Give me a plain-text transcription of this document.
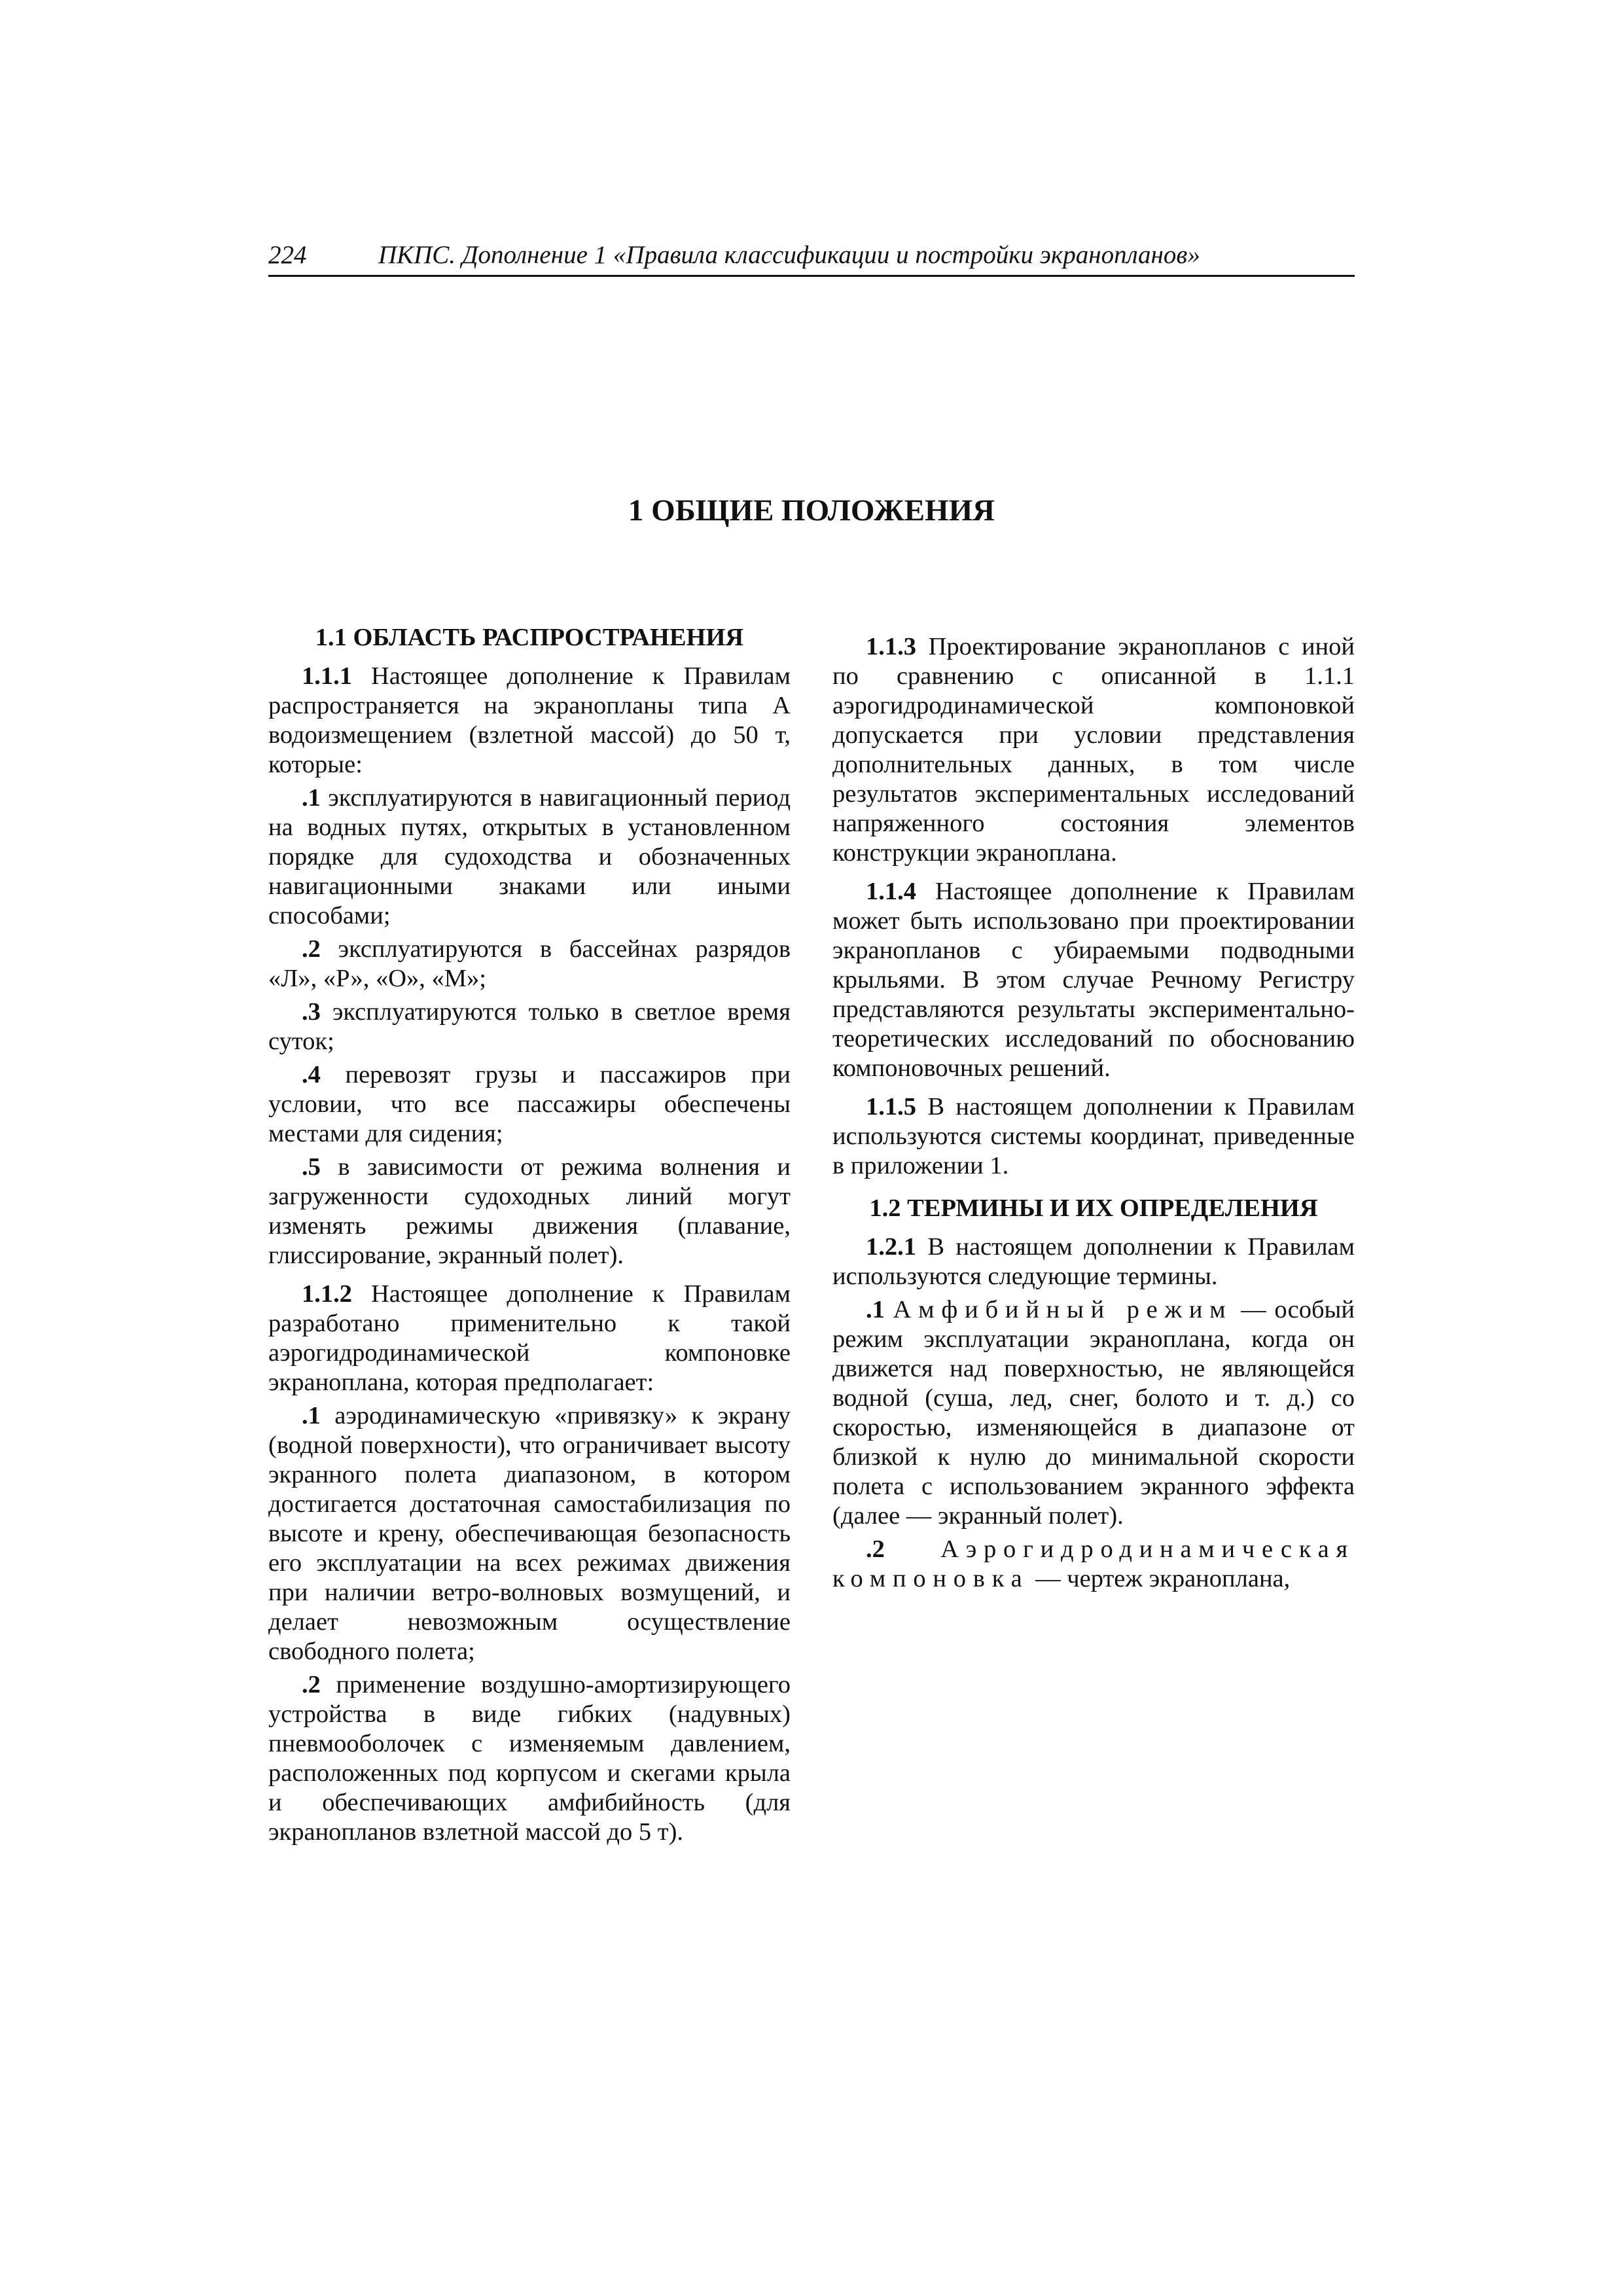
224	ПКПС. Дополнение 1 «Правила классификации и постройки экранопланов»
1 ОБЩИЕ ПОЛОЖЕНИЯ
1.1 ОБЛАСТЬ РАСПРОСТРАНЕНИЯ

1.1.1 Настоящее дополнение к Правилам распространяется на экранопланы типа А водоизмещением (взлетной массой) до 50 т, которые:

.1 эксплуатируются в навигационный период на водных путях, открытых в установленном порядке для судоходства и обозначенных навигационными знаками или иными способами;

.2 эксплуатируются в бассейнах разрядов «Л», «Р», «О», «М»;

.3 эксплуатируются только в светлое время суток;

.4 перевозят грузы и пассажиров при условии, что все пассажиры обеспечены местами для сидения;

.5 в зависимости от режима волнения и загруженности судоходных линий могут изменять режимы движения (плавание, глиссирование, экранный полет).

1.1.2 Настоящее дополнение к Правилам разработано применительно к такой аэрогидродинамической компоновке экраноплана, которая предполагает:

.1 аэродинамическую «привязку» к экрану (водной поверхности), что ограничивает высоту экранного полета диапазоном, в котором достигается достаточная самостабилизация по высоте и крену, обеспечивающая безопасность его эксплуатации на всех режимах движения при наличии ветро-волновых возмущений, и делает невозможным осуществление свободного полета;

.2 применение воздушно-амортизирующего устройства в виде гибких (надувных) пневмооболочек с изменяемым давлением, расположенных под корпусом и скегами крыла и обеспечивающих амфибийность (для экранопланов взлетной массой до 5 т).

1.1.3 Проектирование экранопланов с иной по сравнению с описанной в 1.1.1 аэрогидродинамической компоновкой допускается при условии представления дополнительных данных, в том числе результатов экспериментальных исследований напряженного состояния элементов конструкции экраноплана.

1.1.4 Настоящее дополнение к Правилам может быть использовано при проектировании экранопланов с убираемыми подводными крыльями. В этом случае Речному Регистру представляются результаты экспериментально-теоретических исследований по обоснованию компоновочных решений.

1.1.5 В настоящем дополнении к Правилам используются системы координат, приведенные в приложении 1.

1.2 ТЕРМИНЫ И ИХ ОПРЕДЕЛЕНИЯ

1.2.1 В настоящем дополнении к Правилам используются следующие термины.

.1 Амфибийный режим — особый режим эксплуатации экраноплана, когда он движется над поверхностью, не являющейся водной (суша, лед, снег, болото и т. д.) со скоростью, изменяющейся в диапазоне от близкой к нулю до минимальной скорости полета с использованием экранного эффекта (далее — экранный полет).

.2 Аэрогидродинамическая компоновка — чертеж экраноплана,
